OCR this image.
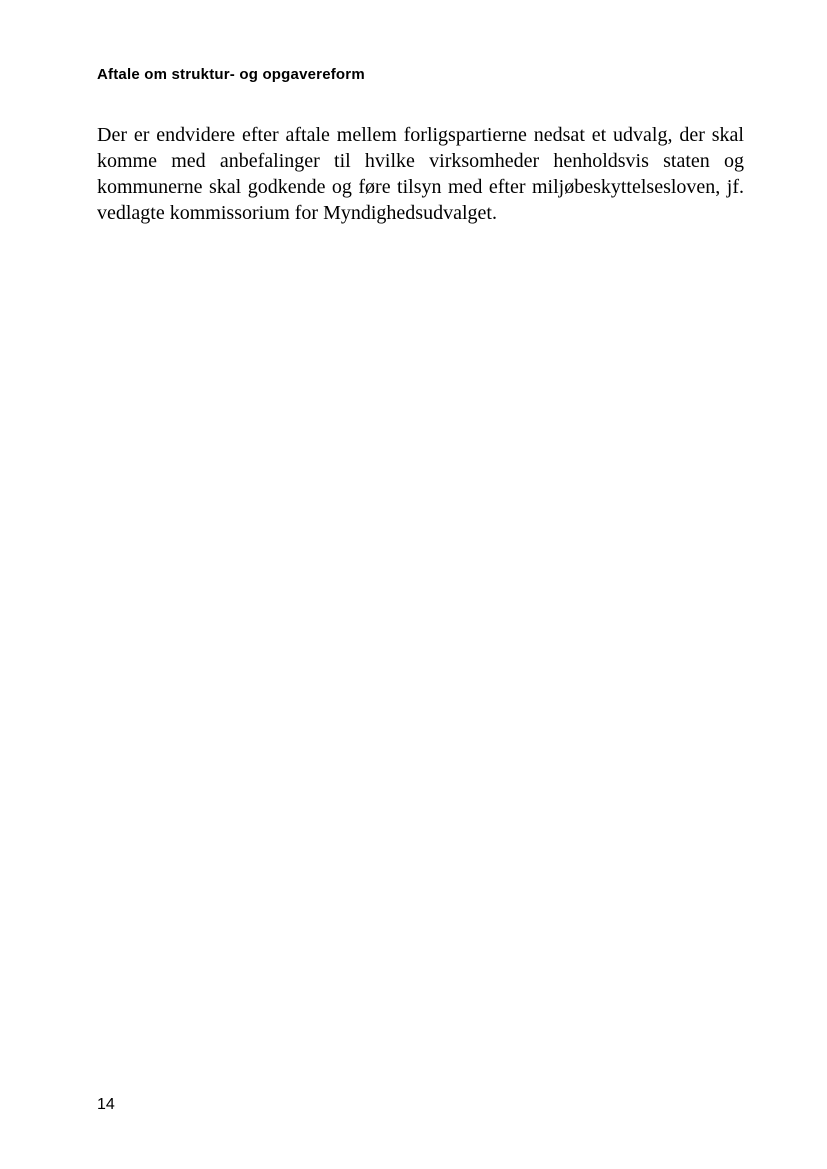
Aftale om struktur- og opgavereform
Der er endvidere efter aftale mellem forligspartierne nedsat et udvalg, der skal komme med anbefalinger til hvilke virksomheder henholdsvis staten og kommunerne skal godkende og føre tilsyn med efter miljøbeskyttelsesloven, jf. vedlagte kommissorium for Myndighedsudvalget.
14
